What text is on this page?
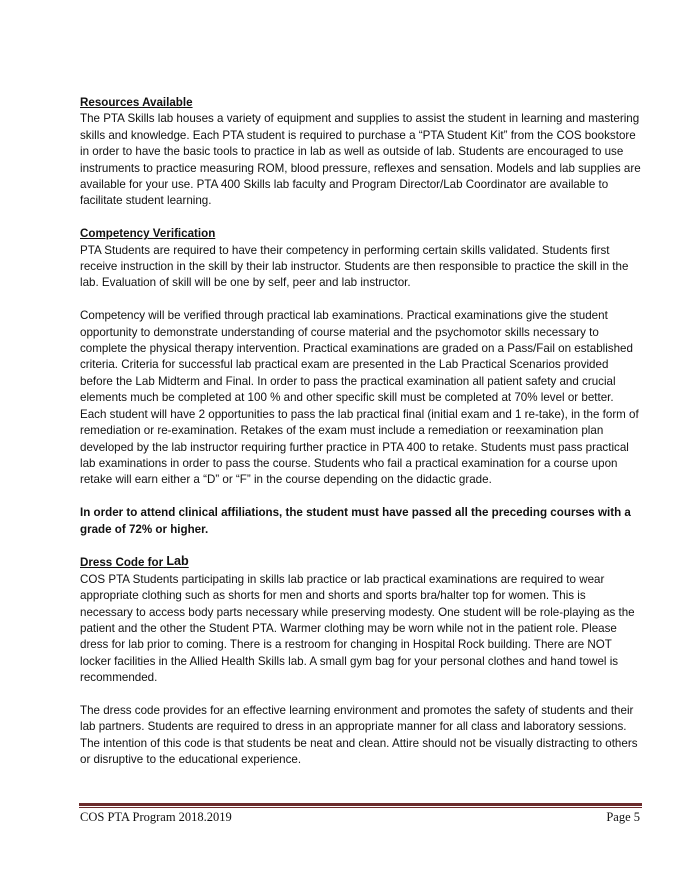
Resources Available

The PTA Skills lab houses a variety of equipment and supplies to assist the student in learning and mastering skills and knowledge. Each PTA student is required to purchase a “PTA Student Kit” from the COS bookstore in order to have the basic tools to practice in lab as well as outside of lab. Students are encouraged to use instruments to practice measuring ROM, blood pressure, reflexes and sensation. Models and lab supplies are available for your use. PTA 400 Skills lab faculty and Program Director/Lab Coordinator are available to facilitate student learning.

Competency Verification

PTA Students are required to have their competency in performing certain skills validated. Students first receive instruction in the skill by their lab instructor. Students are then responsible to practice the skill in the lab. Evaluation of skill will be one by self, peer and lab instructor.

Competency will be verified through practical lab examinations. Practical examinations give the student opportunity to demonstrate understanding of course material and the psychomotor skills necessary to complete the physical therapy intervention. Practical examinations are graded on a Pass/Fail on established criteria. Criteria for successful lab practical exam are presented in the Lab Practical Scenarios provided before the Lab Midterm and Final. In order to pass the practical examination all patient safety and crucial elements much be completed at 100 % and other specific skill must be completed at 70% level or better. Each student will have 2 opportunities to pass the lab practical final (initial exam and 1 re-take), in the form of remediation or re-examination. Retakes of the exam must include a remediation or reexamination plan developed by the lab instructor requiring further practice in PTA 400 to retake. Students must pass practical lab examinations in order to pass the course. Students who fail a practical examination for a course upon retake will earn either a “D” or “F” in the course depending on the didactic grade.

In order to attend clinical affiliations, the student must have passed all the preceding courses with a grade of 72% or higher.

Dress Code for Lab

COS PTA Students participating in skills lab practice or lab practical examinations are required to wear appropriate clothing such as shorts for men and shorts and sports bra/halter top for women. This is necessary to access body parts necessary while preserving modesty. One student will be role-playing as the patient and the other the Student PTA. Warmer clothing may be worn while not in the patient role. Please dress for lab prior to coming. There is a restroom for changing in Hospital Rock building. There are NOT locker facilities in the Allied Health Skills lab. A small gym bag for your personal clothes and hand towel is recommended.

The dress code provides for an effective learning environment and promotes the safety of students and their lab partners. Students are required to dress in an appropriate manner for all class and laboratory sessions. The intention of this code is that students be neat and clean. Attire should not be visually distracting to others or disruptive to the educational experience.

COS PTA Program 2018.2019	Page 5
